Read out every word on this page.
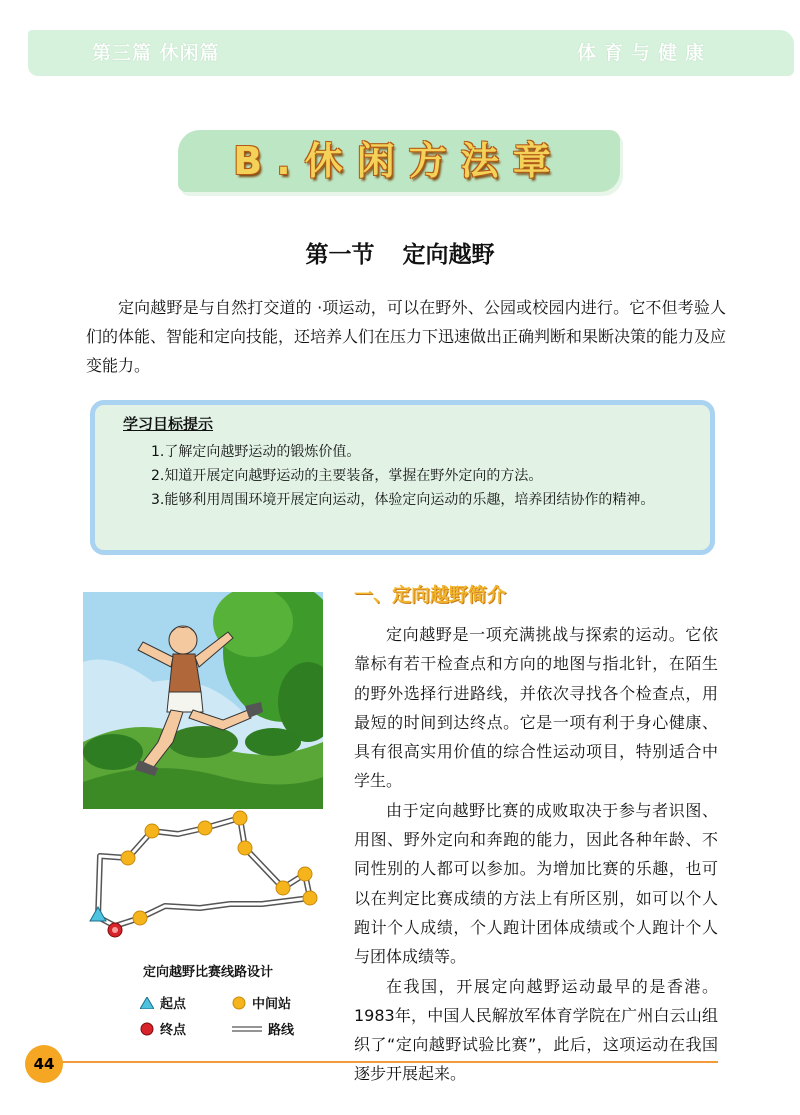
第三篇 休闲篇	体育与健康
B.休闲方法章
第一节 定向越野

定向越野是与自然打交道的 ·项运动，可以在野外、公园或校园内进行。它不但考验人们的体能、智能和定向技能，还培养人们在压力下迅速做出正确判断和果断决策的能力及应变能力。

学习目标提示
1.了解定向越野运动的锻炼价值。
2.知道开展定向越野运动的主要装备，掌握在野外定向的方法。
3.能够利用周围环境开展定向运动，体验定向运动的乐趣，培养团结协作的精神。
定向越野比赛线路设计
起点	中间站
终点	路线
一、定向越野简介

定向越野是一项充满挑战与探索的运动。它依靠标有若干检查点和方向的地图与指北针，在陌生的野外选择行进路线，并依次寻找各个检查点，用最短的时间到达终点。它是一项有利于身心健康、具有很高实用价值的综合性运动项目，特别适合中学生。

由于定向越野比赛的成败取决于参与者识图、用图、野外定向和奔跑的能力，因此各种年龄、不同性别的人都可以参加。为增加比赛的乐趣，也可以在判定比赛成绩的方法上有所区别，如可以个人跑计个人成绩，个人跑计团体成绩或个人跑计个人与团体成绩等。

在我国，开展定向越野运动最早的是香港。1983年，中国人民解放军体育学院在广州白云山组织了“定向越野试验比赛”，此后，这项运动在我国逐步开展起来。

44
